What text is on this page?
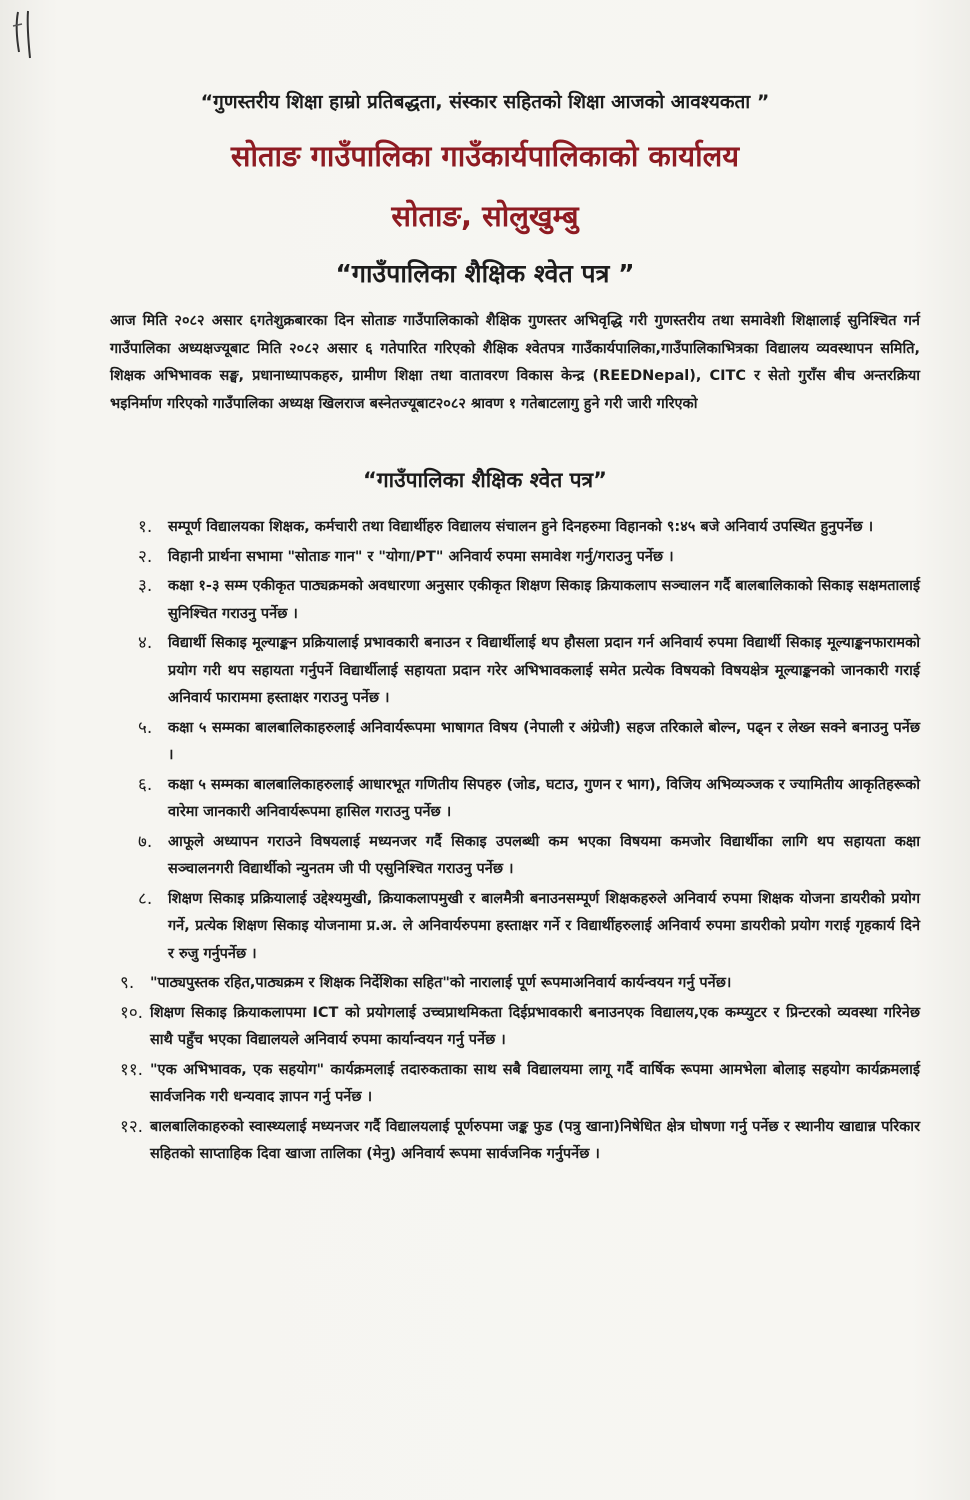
“गुणस्तरीय शिक्षा हाम्रो प्रतिबद्धता, संस्कार सहितको शिक्षा आजको आवश्यकता ”
सोताङ गाउँपालिका गाउँकार्यपालिकाको कार्यालय
सोताङ, सोलुखुम्बु
“गाउँपालिका शैक्षिक श्वेत पत्र ”
आज मिति २०८२ असार ६गतेशुक्रबारका दिन सोताङ गाउँपालिकाको शैक्षिक गुणस्तर अभिवृद्धि गरी गुणस्तरीय तथा समावेशी शिक्षालाई सुनिश्चित गर्न गाउँपालिका अध्यक्षज्यूबाट मिति २०८२ असार ६ गतेपारित गरिएको शैक्षिक श्वेतपत्र गाउँकार्यपालिका,गाउँपालिकाभित्रका विद्यालय व्यवस्थापन समिति, शिक्षक अभिभावक सङ्घ, प्रधानाध्यापकहरु, ग्रामीण शिक्षा तथा वातावरण विकास केन्द्र (REEDNepal), CITC र सेतो गुराँस बीच अन्तरक्रिया भइनिर्माण गरिएको गाउँपालिका अध्यक्ष खिलराज बस्नेतज्यूबाट२०८२ श्रावण १ गतेबाटलागु हुने गरी जारी गरिएको
“गाउँपालिका शैक्षिक श्वेत पत्र”
१. सम्पूर्ण विद्यालयका शिक्षक, कर्मचारी तथा विद्यार्थीहरु विद्यालय संचालन हुने दिनहरुमा विहानको ९:४५ बजे अनिवार्य उपस्थित हुनुपर्नेछ ।
२. विहानी प्रार्थना सभामा "सोताङ गान" र "योगा/PT" अनिवार्य रुपमा समावेश गर्नु/गराउनु पर्नेछ ।
३. कक्षा १-३ सम्म एकीकृत पाठ्यक्रमको अवधारणा अनुसार एकीकृत शिक्षण सिकाइ क्रियाकलाप सञ्चालन गर्दै बालबालिकाको सिकाइ सक्षमतालाई सुनिश्चित गराउनु पर्नेछ ।
४. विद्यार्थी सिकाइ मूल्याङ्कन प्रक्रियालाई प्रभावकारी बनाउन र विद्यार्थीलाई थप हौसला प्रदान गर्न अनिवार्य रुपमा विद्यार्थी सिकाइ मूल्याङ्कनफारामको प्रयोग गरी थप सहायता गर्नुपर्ने विद्यार्थीलाई सहायता प्रदान गरेर अभिभावकलाई समेत प्रत्येक विषयको विषयक्षेत्र मूल्याङ्कनको जानकारी गराई अनिवार्य फाराममा हस्ताक्षर गराउनु पर्नेछ ।
५. कक्षा ५ सम्मका बालबालिकाहरुलाई अनिवार्यरूपमा भाषागत विषय (नेपाली र अंग्रेजी) सहज तरिकाले बोल्न, पढ्न र लेख्न सक्ने बनाउनु पर्नेछ ।
६. कक्षा ५ सम्मका बालबालिकाहरुलाई आधारभूत गणितीय सिपहरु (जोड, घटाउ, गुणन र भाग), विजिय अभिव्यञ्जक र ज्यामितीय आकृतिहरूको वारेमा जानकारी अनिवार्यरूपमा हासिल गराउनु पर्नेछ ।
७. आफूले अध्यापन गराउने विषयलाई मध्यनजर गर्दै सिकाइ उपलब्धी कम भएका विषयमा कमजोर विद्यार्थीका लागि थप सहायता कक्षा सञ्चालनगरी विद्यार्थीको न्युनतम जी पी एसुनिश्चित गराउनु पर्नेछ ।
८. शिक्षण सिकाइ प्रक्रियालाई उद्देश्यमुखी, क्रियाकलापमुखी र बालमैत्री बनाउनसम्पूर्ण शिक्षकहरुले अनिवार्य रुपमा शिक्षक योजना डायरीको प्रयोग गर्ने, प्रत्येक शिक्षण सिकाइ योजनामा प्र.अ. ले अनिवार्यरुपमा हस्ताक्षर गर्ने र विद्यार्थीहरुलाई अनिवार्य रुपमा डायरीको प्रयोग गराई गृहकार्य दिने र रुजु गर्नुपर्नेछ ।
९. "पाठ्यपुस्तक रहित,पाठ्यक्रम र शिक्षक निर्देशिका सहित"को नारालाई पूर्ण रूपमाअनिवार्य कार्यन्वयन गर्नु पर्नेछ।
१०. शिक्षण सिकाइ क्रियाकलापमा ICT को प्रयोगलाई उच्चप्राथमिकता दिईप्रभावकारी बनाउनएक विद्यालय,एक कम्प्युटर र प्रिन्टरको व्यवस्था गरिनेछ साथै पहुँच भएका विद्यालयले अनिवार्य रुपमा कार्यान्वयन गर्नु पर्नेछ ।
११. "एक अभिभावक, एक सहयोग" कार्यक्रमलाई तदारुकताका साथ सबै विद्यालयमा लागू गर्दै वार्षिक रूपमा आमभेला बोलाइ सहयोग कार्यक्रमलाई सार्वजनिक गरी धन्यवाद ज्ञापन गर्नु पर्नेछ ।
१२. बालबालिकाहरुको स्वास्थ्यलाई मध्यनजर गर्दै विद्यालयलाई पूर्णरुपमा जङ्क फुड (पत्रु खाना)निषेधित क्षेत्र घोषणा गर्नु पर्नेछ र स्थानीय खाद्यान्न परिकार सहितको साप्ताहिक दिवा खाजा तालिका (मेनु) अनिवार्य रूपमा सार्वजनिक गर्नुपर्नेछ ।
